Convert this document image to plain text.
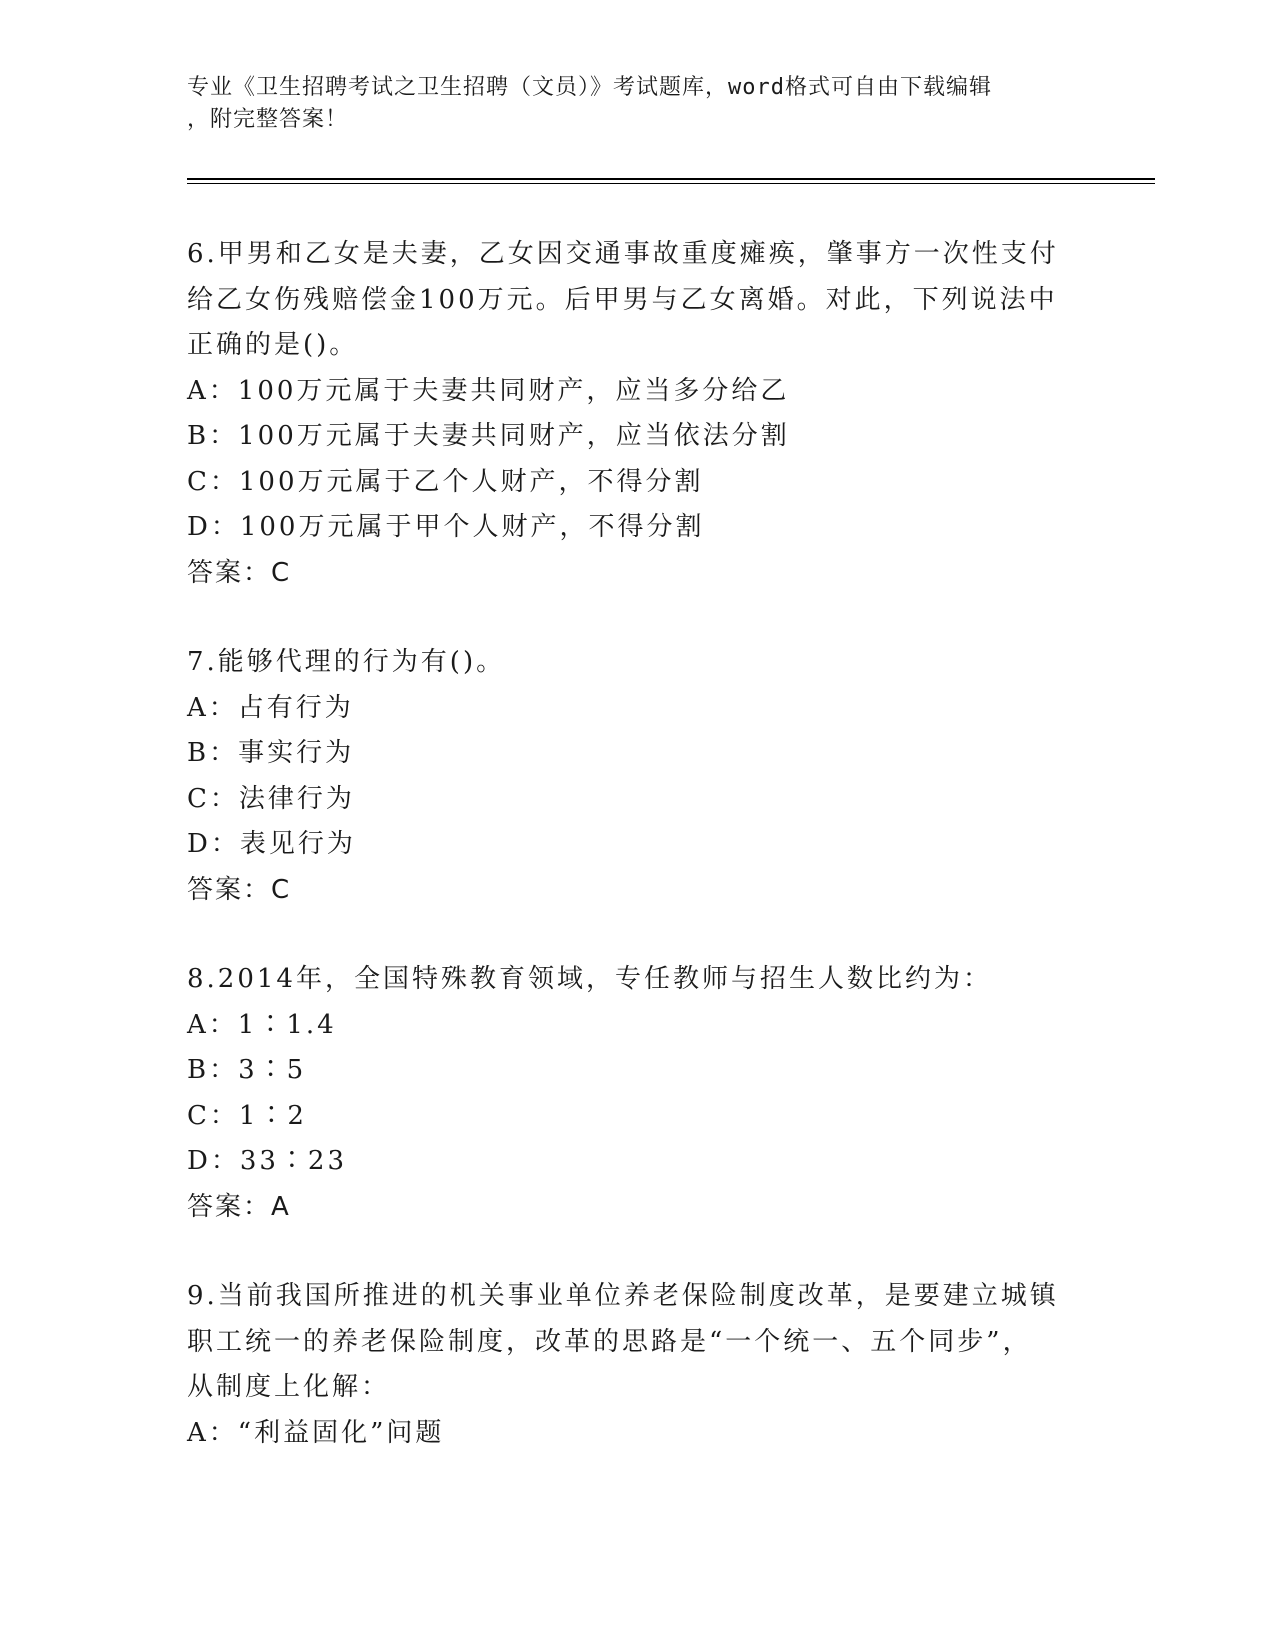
专业《卫生招聘考试之卫生招聘（文员）》考试题库，word格式可自由下载编辑
，附完整答案！

6.甲男和乙女是夫妻，乙女因交通事故重度瘫痪，肇事方一次性支付

给乙女伤残赔偿金100万元。后甲男与乙女离婚。对此，下列说法中

正确的是()。

A：100万元属于夫妻共同财产，应当多分给乙

B：100万元属于夫妻共同财产，应当依法分割

C：100万元属于乙个人财产，不得分割

D：100万元属于甲个人财产，不得分割

答案：C

7.能够代理的行为有()。

A：占有行为

B：事实行为

C：法律行为

D：表见行为

答案：C

8.2014年，全国特殊教育领域，专任教师与招生人数比约为：

A：1∶1.4

B：3∶5

C：1∶2

D：33∶23

答案：A

9.当前我国所推进的机关事业单位养老保险制度改革，是要建立城镇

职工统一的养老保险制度，改革的思路是“一个统一、五个同步”，

从制度上化解：

A：“利益固化”问题
